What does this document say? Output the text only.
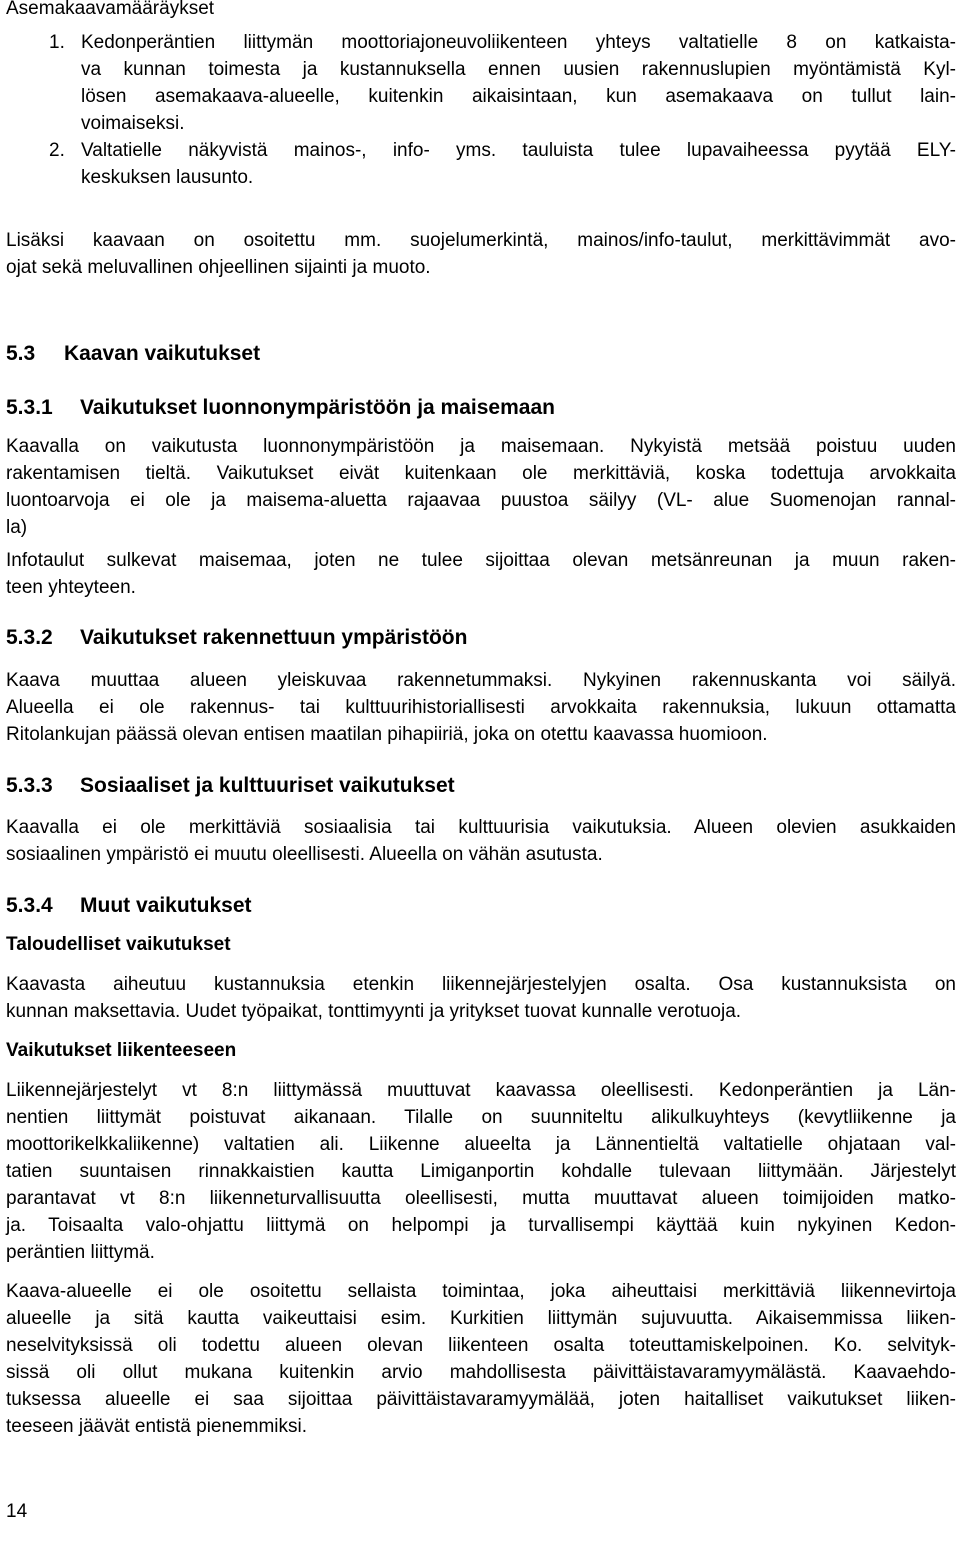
Asemakaavamääräykset
1. Kedonperäntien liittymän moottoriajoneuvoliikenteen yhteys valtatielle 8 on katkaista-
va kunnan toimesta ja kustannuksella ennen uusien rakennuslupien myöntämistä Kyl-
lösen asemakaava-alueelle, kuitenkin aikaisintaan, kun asemakaava on tullut lain-
voimaiseksi.
2. Valtatielle näkyvistä mainos-, info- yms. tauluista tulee lupavaiheessa pyytää ELY-
keskuksen lausunto.
Lisäksi kaavaan on osoitettu mm. suojelumerkintä, mainos/info-taulut, merkittävimmät avo-
ojat sekä meluvallinen ohjeellinen sijainti ja muoto.
5.3 Kaavan vaikutukset
5.3.1 Vaikutukset luonnonympäristöön ja maisemaan
Kaavalla on vaikutusta luonnonympäristöön ja maisemaan. Nykyistä metsää poistuu uuden
rakentamisen tieltä. Vaikutukset eivät kuitenkaan ole merkittäviä, koska todettuja arvokkaita
luontoarvoja ei ole ja maisema-aluetta rajaavaa puustoa säilyy (VL- alue Suomenojan rannal-
la)
Infotaulut sulkevat maisemaa, joten ne tulee sijoittaa olevan metsänreunan ja muun raken-
teen yhteyteen.
5.3.2 Vaikutukset rakennettuun ympäristöön
Kaava muuttaa alueen yleiskuvaa rakennetummaksi. Nykyinen rakennuskanta voi säilyä.
Alueella ei ole rakennus- tai kulttuurihistoriallisesti arvokkaita rakennuksia, lukuun ottamatta
Ritolankujan päässä olevan entisen maatilan pihapiiriä, joka on otettu kaavassa huomioon.
5.3.3 Sosiaaliset ja kulttuuriset vaikutukset
Kaavalla ei ole merkittäviä sosiaalisia tai kulttuurisia vaikutuksia. Alueen olevien asukkaiden
sosiaalinen ympäristö ei muutu oleellisesti. Alueella on vähän asutusta.
5.3.4 Muut vaikutukset
Taloudelliset vaikutukset
Kaavasta aiheutuu kustannuksia etenkin liikennejärjestelyjen osalta. Osa kustannuksista on
kunnan maksettavia. Uudet työpaikat, tonttimyynti ja yritykset tuovat kunnalle verotuoja.
Vaikutukset liikenteeseen
Liikennejärjestelyt vt 8:n liittymässä muuttuvat kaavassa oleellisesti. Kedonperäntien ja Län-
nentien liittymät poistuvat aikanaan. Tilalle on suunniteltu alikulkuyhteys (kevytliikenne ja
moottorikelkkaliikenne) valtatien ali. Liikenne alueelta ja Lännentieltä valtatielle ohjataan val-
tatien suuntaisen rinnakkaistien kautta Limiganportin kohdalle tulevaan liittymään. Järjestelyt
parantavat vt 8:n liikenneturvallisuutta oleellisesti, mutta muuttavat alueen toimijoiden matko-
ja. Toisaalta valo-ohjattu liittymä on helpompi ja turvallisempi käyttää kuin nykyinen Kedon-
peräntien liittymä.
Kaava-alueelle ei ole osoitettu sellaista toimintaa, joka aiheuttaisi merkittäviä liikennevirtoja
alueelle ja sitä kautta vaikeuttaisi esim. Kurkitien liittymän sujuvuutta. Aikaisemmissa liiken-
neselvityksissä oli todettu alueen olevan liikenteen osalta toteuttamiskelpoinen. Ko. selvityk-
sissä oli ollut mukana kuitenkin arvio mahdollisesta päivittäistavaramyymälästä. Kaavaehdo-
tuksessa alueelle ei saa sijoittaa päivittäistavaramyymälää, joten haitalliset vaikutukset liiken-
teeseen jäävät entistä pienemmiksi.
14
